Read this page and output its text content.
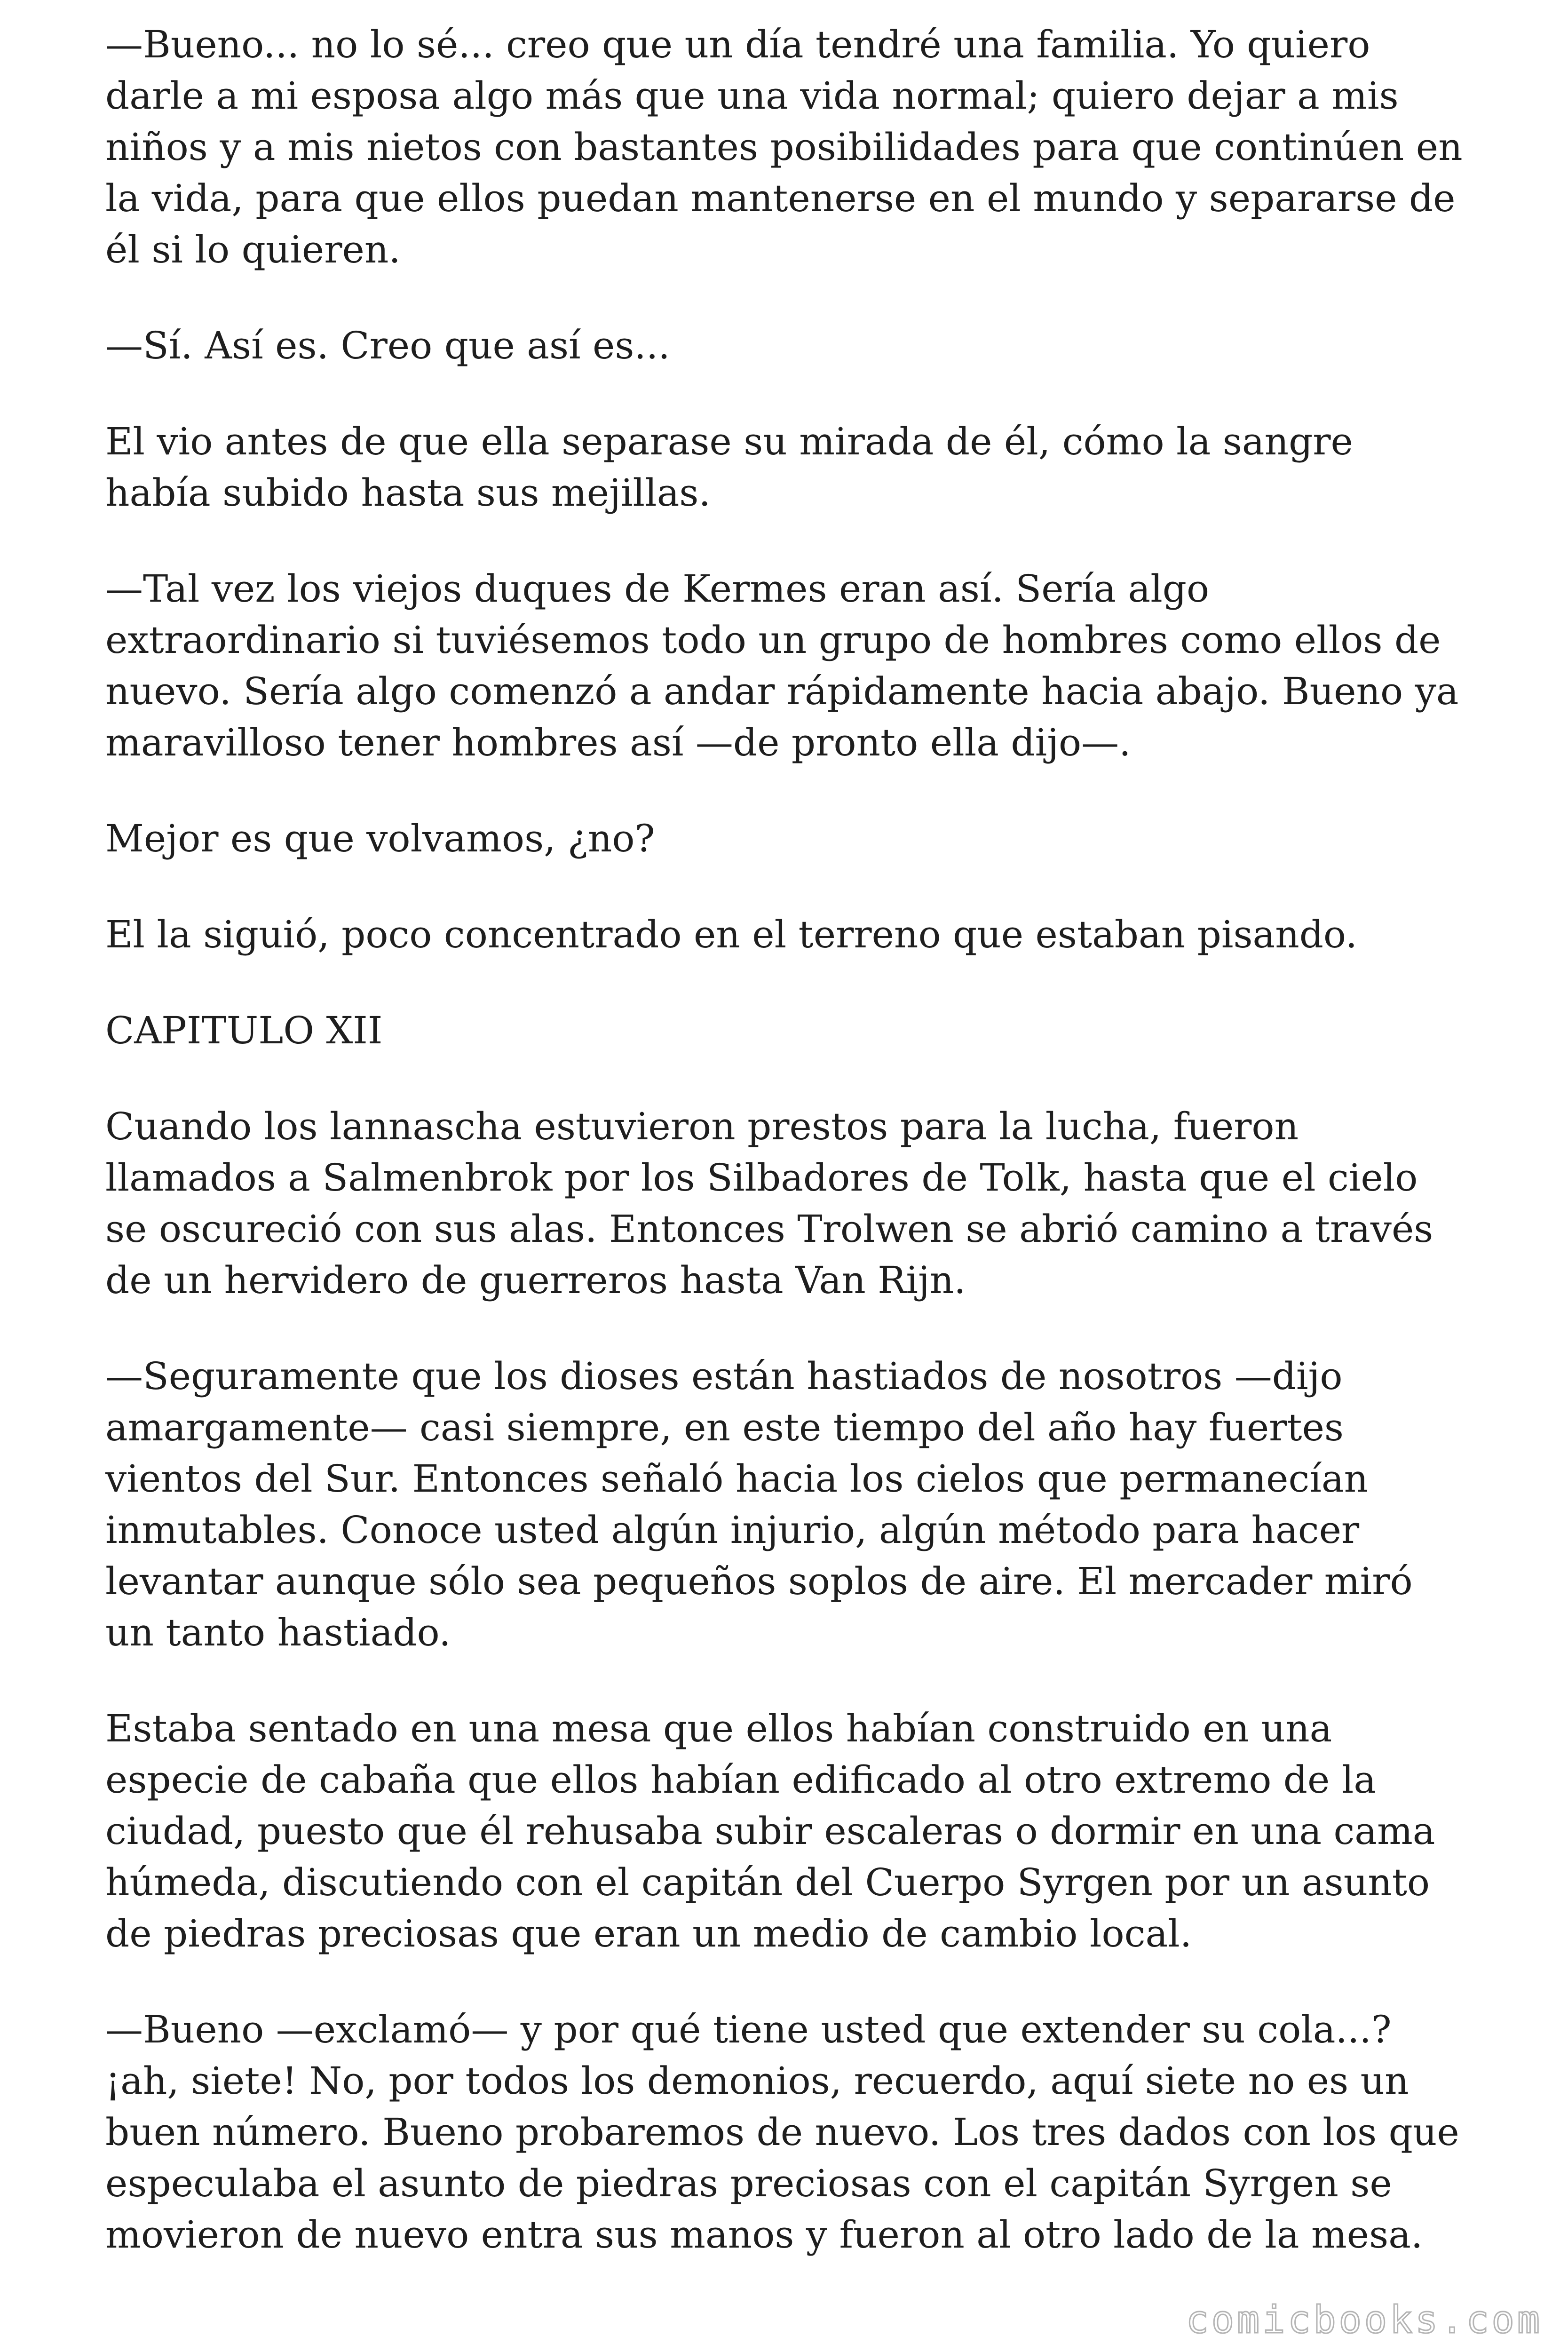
—Bueno... no lo sé... creo que un día tendré una familia. Yo quiero darle a mi esposa algo más que una vida normal; quiero dejar a mis niños y a mis nietos con bastantes posibilidades para que continúen en la vida, para que ellos puedan mantenerse en el mundo y separarse de él si lo quieren.

—Sí. Así es. Creo que así es...

El vio antes de que ella separase su mirada de él, cómo la sangre había subido hasta sus mejillas.

—Tal vez los viejos duques de Kermes eran así. Sería algo extraordinario si tuviésemos todo un grupo de hombres como ellos de nuevo. Sería algo comenzó a andar rápidamente hacia abajo. Bueno ya maravilloso tener hombres así —de pronto ella dijo—.

Mejor es que volvamos, ¿no?

El la siguió, poco concentrado en el terreno que estaban pisando.

CAPITULO XII

Cuando los lannascha estuvieron prestos para la lucha, fueron llamados a Salmenbrok por los Silbadores de Tolk, hasta que el cielo se oscureció con sus alas. Entonces Trolwen se abrió camino a través de un hervidero de guerreros hasta Van Rijn.

—Seguramente que los dioses están hastiados de nosotros —dijo amargamente— casi siempre, en este tiempo del año hay fuertes vientos del Sur. Entonces señaló hacia los cielos que permanecían inmutables. Conoce usted algún injurio, algún método para hacer levantar aunque sólo sea pequeños soplos de aire. El mercader miró un tanto hastiado.

Estaba sentado en una mesa que ellos habían construido en una especie de cabaña que ellos habían edificado al otro extremo de la ciudad, puesto que él rehusaba subir escaleras o dormir en una cama húmeda, discutiendo con el capitán del Cuerpo Syrgen por un asunto de piedras preciosas que eran un medio de cambio local.

—Bueno —exclamó— y por qué tiene usted que extender su cola...? ¡ah, siete! No, por todos los demonios, recuerdo, aquí siete no es un buen número. Bueno probaremos de nuevo. Los tres dados con los que especulaba el asunto de piedras preciosas con el capitán Syrgen se movieron de nuevo entra sus manos y fueron al otro lado de la mesa.

comicbooks.com
